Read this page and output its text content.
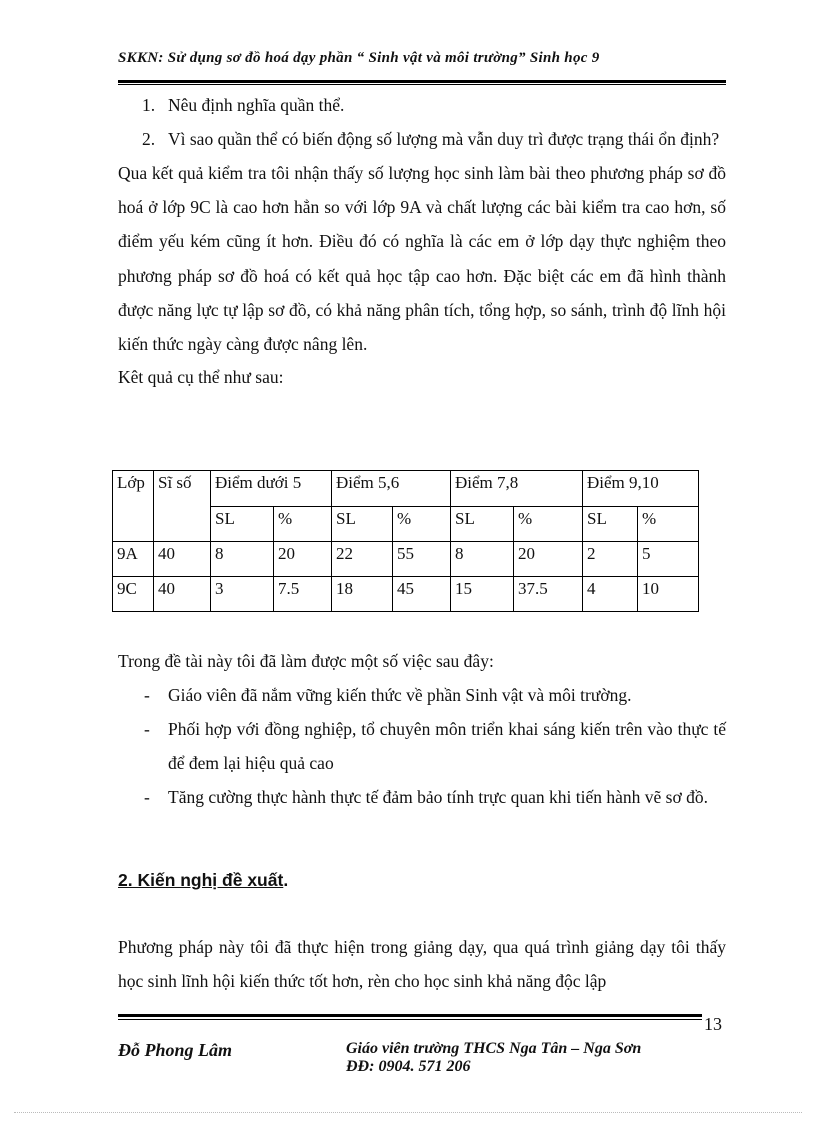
SKKN: Sử dụng sơ đồ hoá dạy phần “ Sinh vật và môi trường” Sinh học 9
1. Nêu định nghĩa quần thể.
2. Vì sao quần thể có biến động số lượng mà vẫn duy trì được trạng thái ổn định?

Qua kết quả kiểm tra tôi nhận thấy số lượng học sinh làm bài theo phương pháp sơ đồ hoá ở lớp 9C là cao hơn hẳn so với lớp 9A và chất lượng các bài kiểm tra cao hơn, số điểm yếu kém cũng ít hơn. Điều đó có nghĩa là các em ở lớp dạy thực nghiệm theo phương pháp sơ đồ hoá có kết quả học tập cao hơn. Đặc biệt các em đã hình thành được năng lực tự lập sơ đồ, có khả năng phân tích, tổng hợp, so sánh, trình độ lĩnh hội kiến thức ngày càng được nâng lên.

Kêt quả cụ thể như sau:

Lớp	Sĩ số	Điểm dưới 5		Điểm 5,6		Điểm 7,8		Điểm 9,10	
		SL	%	SL	%	SL	%	SL	%
9A	40	8	20	22	55	8	20	2	5
9C	40	3	7.5	18	45	15	37.5	4	10

Trong đề tài này tôi đã làm được một số việc sau đây:

-	Giáo viên đã nắm vững kiến thức về phần Sinh vật và môi trường.
-	Phối hợp với đồng nghiệp, tổ chuyên môn triển khai sáng kiến trên vào thực tế để đem lại hiệu quả cao
-	Tăng cường thực hành thực tế đảm bảo tính trực quan khi tiến hành vẽ sơ đồ.
2. Kiến nghị đề xuất.

Phương pháp này tôi đã thực hiện trong giảng dạy, qua quá trình giảng dạy tôi thấy học sinh lĩnh hội kiến thức tốt hơn, rèn cho học sinh khả năng độc lập

13
Đỗ Phong Lâm	Giáo viên trường THCS Nga Tân – Nga Sơn
ĐĐ: 0904. 571 206
